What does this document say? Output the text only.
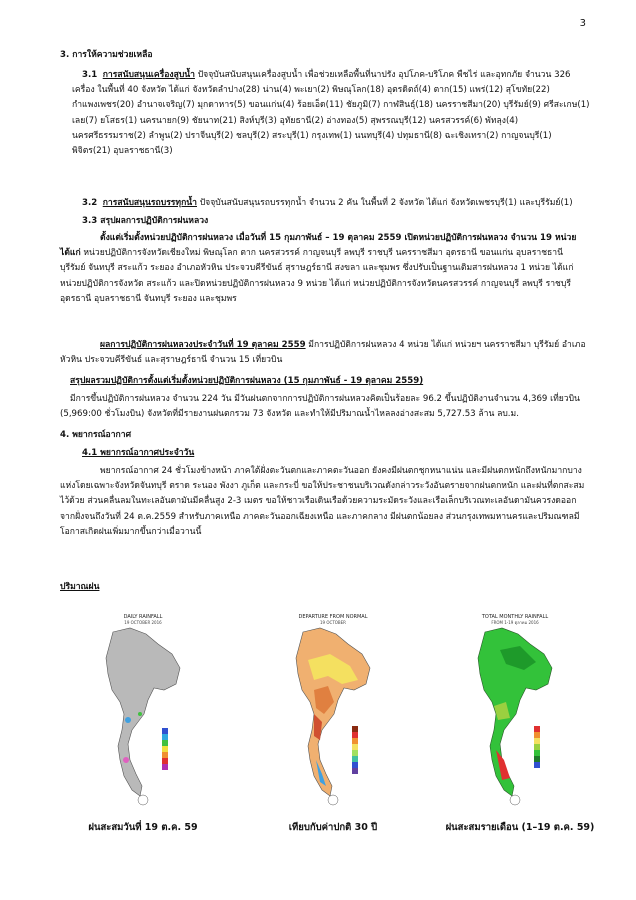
3

3. การให้ความช่วยเหลือ

3.1 การสนับสนุนเครื่องสูบน้ำ ปัจจุบันสนับสนุนเครื่องสูบน้ำ เพื่อช่วยเหลือพื้นที่นาปรัง อุปโภค-บริโภค พืชไร่ และอุทกภัย จำนวน 326 เครื่อง ในพื้นที่ 40 จังหวัด ได้แก่ จังหวัดลำปาง(28) น่าน(4) พะเยา(2) พิษณุโลก(18) อุตรดิตถ์(4) ตาก(15) แพร่(12) สุโขทัย(22) กำแพงเพชร(20) อำนาจเจริญ(7) มุกดาหาร(5) ขอนแก่น(4) ร้อยเอ็ด(11) ชัยภูมิ(7) กาฬสินธุ์(18) นครราชสีมา(20) บุรีรัมย์(9) ศรีสะเกษ(1) เลย(7) ยโสธร(1) นครนายก(9) ชัยนาท(21) สิงห์บุรี(3) อุทัยธานี(2) อ่างทอง(5) สุพรรณบุรี(12) นครสวรรค์(6) พัทลุง(4) นครศรีธรรมราช(2) ลำพูน(2) ปราจีนบุรี(2) ชลบุรี(2) สระบุรี(1) กรุงเทพ(1) นนทบุรี(4) ปทุมธานี(8) ฉะเชิงเทรา(2) กาญจนบุรี(1) พิจิตร(21) อุบลราชธานี(3)

3.2 การสนับสนุนรถบรรทุกน้ำ ปัจจุบันสนับสนุนรถบรรทุกน้ำ จำนวน 2 คัน ในพื้นที่ 2 จังหวัด ได้แก่ จังหวัดเพชรบุรี(1) และบุรีรัมย์(1)

3.3 สรุปผลการปฏิบัติการฝนหลวง

ตั้งแต่เริ่มตั้งหน่วยปฏิบัติการฝนหลวง เมื่อวันที่ 15 กุมภาพันธ์ – 19 ตุลาคม 2559 เปิดหน่วยปฏิบัติการฝนหลวง จำนวน 19 หน่วย ได้แก่ หน่วยปฏิบัติการจังหวัดเชียงใหม่ พิษณุโลก ตาก นครสวรรค์ กาญจนบุรี ลพบุรี ราชบุรี นครราชสีมา อุดรธานี ขอนแก่น อุบลราชธานี บุรีรัมย์ จันทบุรี สระแก้ว ระยอง อำเภอหัวหิน ประจวบคีรีขันธ์ สุราษฎร์ธานี สงขลา และชุมพร ซึ่งปรับเป็นฐานเติมสารฝนหลวง 1 หน่วย ได้แก่ หน่วยปฏิบัติการจังหวัด สระแก้ว และปิดหน่วยปฏิบัติการฝนหลวง 9 หน่วย ได้แก่ หน่วยปฏิบัติการจังหวัดนครสวรรค์ กาญจนบุรี ลพบุรี ราชบุรี อุดรธานี อุบลราชธานี จันทบุรี ระยอง และชุมพร

ผลการปฏิบัติการฝนหลวงประจำวันที่ 19 ตุลาคม 2559 มีการปฏิบัติการฝนหลวง 4 หน่วย ได้แก่ หน่วยฯ นครราชสีมา บุรีรัมย์ อำเภอหัวหิน ประจวบคีรีขันธ์ และสุราษฎร์ธานี จำนวน 15 เที่ยวบิน

สรุปผลรวมปฏิบัติการตั้งแต่เริ่มตั้งหน่วยปฏิบัติการฝนหลวง (15 กุมภาพันธ์ - 19 ตุลาคม 2559)

มีการขึ้นปฏิบัติการฝนหลวง จำนวน 224 วัน มีวันฝนตกจากการปฏิบัติการฝนหลวงคิดเป็นร้อยละ 96.2 ขึ้นปฏิบัติงานจำนวน 4,369 เที่ยวบิน (5,969:00 ชั่วโมงบิน) จังหวัดที่มีรายงานฝนตกรวม 73 จังหวัด และทำให้มีปริมาณน้ำไหลลงอ่างสะสม 5,727.53 ล้าน ลบ.ม.

4. พยากรณ์อากาศ

4.1 พยากรณ์อากาศประจำวัน

พยากรณ์อากาศ 24 ชั่วโมงข้างหน้า ภาคใต้ฝั่งตะวันตกและภาคตะวันออก ยังคงมีฝนตกชุกหนาแน่น และมีฝนตกหนักถึงหนักมากบางแห่งโดยเฉพาะจังหวัดจันทบุรี ตราด ระนอง พังงา ภูเก็ต และกระบี่ ขอให้ประชาชนบริเวณดังกล่าวระวังอันตรายจากฝนตกหนัก และฝนที่ตกสะสมไว้ด้วย ส่วนคลื่นลมในทะเลอันดามันมีคลื่นสูง 2-3 เมตร ขอให้ชาวเรือเดินเรือด้วยความระมัดระวังและเรือเล็กบริเวณทะเลอันดามันควรงดออกจากฝั่งจนถึงวันที่ 24 ต.ค.2559 สำหรับภาคเหนือ ภาคตะวันออกเฉียงเหนือ และภาคกลาง มีฝนตกน้อยลง ส่วนกรุงเทพมหานครและปริมณฑลมีโอกาสเกิดฝนเพิ่มมากขึ้นกว่าเมื่อวานนี้

ปริมาณฝน

DAILY RAINFALL
19 OCTOBER 2016
ฝนสะสมวันที่ 19 ต.ค. 59
DEPARTURE FROM NORMAL
19 OCTOBER
เทียบกับค่าปกติ 30 ปี
TOTAL MONTHLY RAINFALL
FROM 1-19 ตุลาคม 2016
ฝนสะสมรายเดือน (1–19 ต.ค. 59)
